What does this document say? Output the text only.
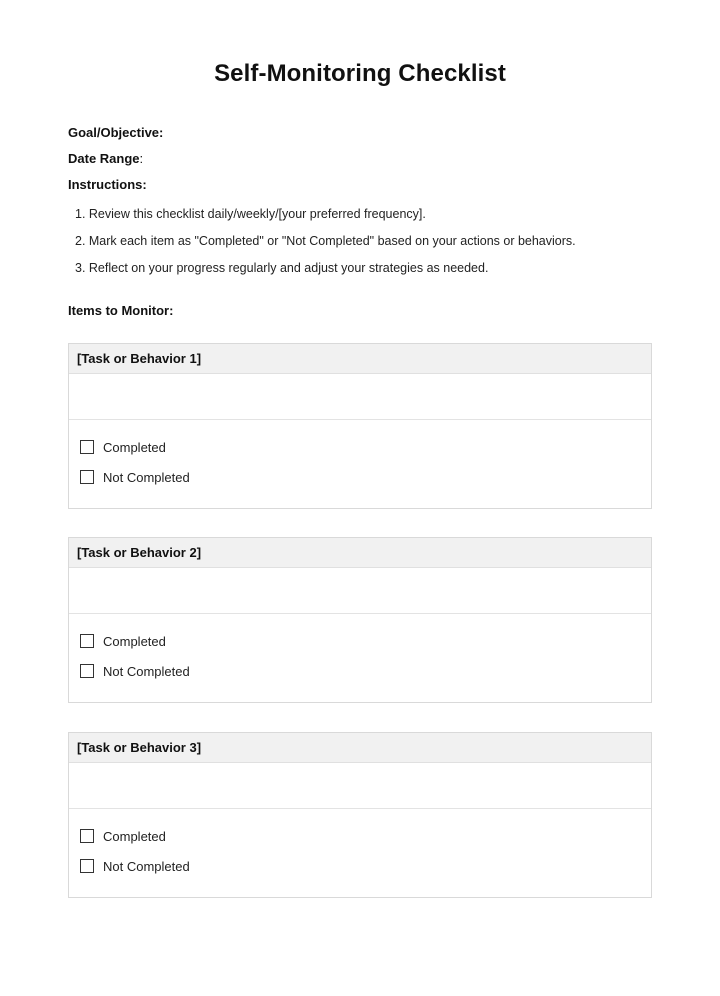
Self-Monitoring Checklist
Goal/Objective:
Date Range:
Instructions:
1. Review this checklist daily/weekly/[your preferred frequency].
2. Mark each item as "Completed" or "Not Completed" based on your actions or behaviors.
3. Reflect on your progress regularly and adjust your strategies as needed.
Items to Monitor:
[Task or Behavior 1]
Completed
Not Completed
[Task or Behavior 2]
Completed
Not Completed
[Task or Behavior 3]
Completed
Not Completed
